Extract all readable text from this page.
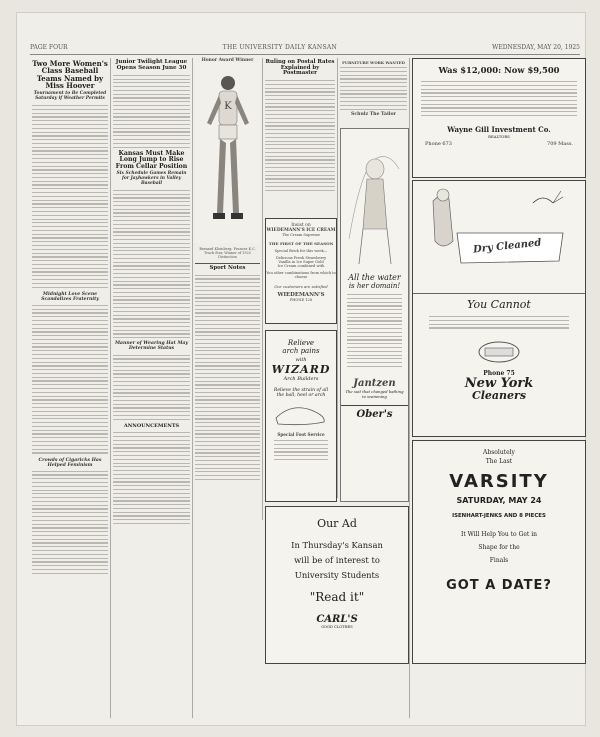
PAGE FOUR	THE UNIVERSITY DAILY KANSAN	WEDNESDAY, MAY 20, 1925
Two More Women's Class Baseball Teams Named by Miss Hoover
Tournament to Be Completed Saturday if Weather Permits
Midnight Love Scene Scandalizes Fraternity
Crowds of Cigaricks Has Helped Feminism
Junior Twilight League Opens Season June 30
Kansas Must Make Long Jump to Rise From Cellar Position
Six Schedule Games Remain for Jayhawkers in Valley Baseball
Manner of Wearing Hat May Determine Status
ANNOUNCEMENTS
Honor Award Winner
K
Bernard Kleinberg, Frances K.C. Track Star, Winner of 1925 Distinction
Sport Notes
Ruling on Postal Rates Explained by Postmaster
Insist on
WIEDEMANN'S ICE CREAM
The Cream Supreme
THE FIRST OF THE SEASON
Special Brick for this week—
Delicious Fresh Strawberry
Vanilla in Ice Super Gold
Ice Cream combined with
You other combinations from which to choose
Our customers are satisfied
WIEDEMANN'S
PHONE 128
Relieve
arch pains
with
WIZARD
Arch Builders
Relieve the strain of all the ball, heel or arch
Special Foot Service
FURNITURE WORK WANTED
Schulz The Tailor
All the water
is her domain!
Jantzen
The suit that changed bathing to swimming
Ober's
Was $12,000: Now $9,500
Wayne Gill Investment Co.
REALTORS
Phone 673	709 Mass.
Dry Cleaned
You Cannot
Phone 75
New York
Cleaners
Absolutely
The Last
VARSITY
SATURDAY, MAY 24
ISENHART-JENKS AND 8 PIECES
It Will Help You to Get in
Shape for the
Finals
GOT A DATE?
Our Ad
In Thursday's Kansan
will be of interest to
University Students
"Read it"
CARL'S
GOOD CLOTHES
